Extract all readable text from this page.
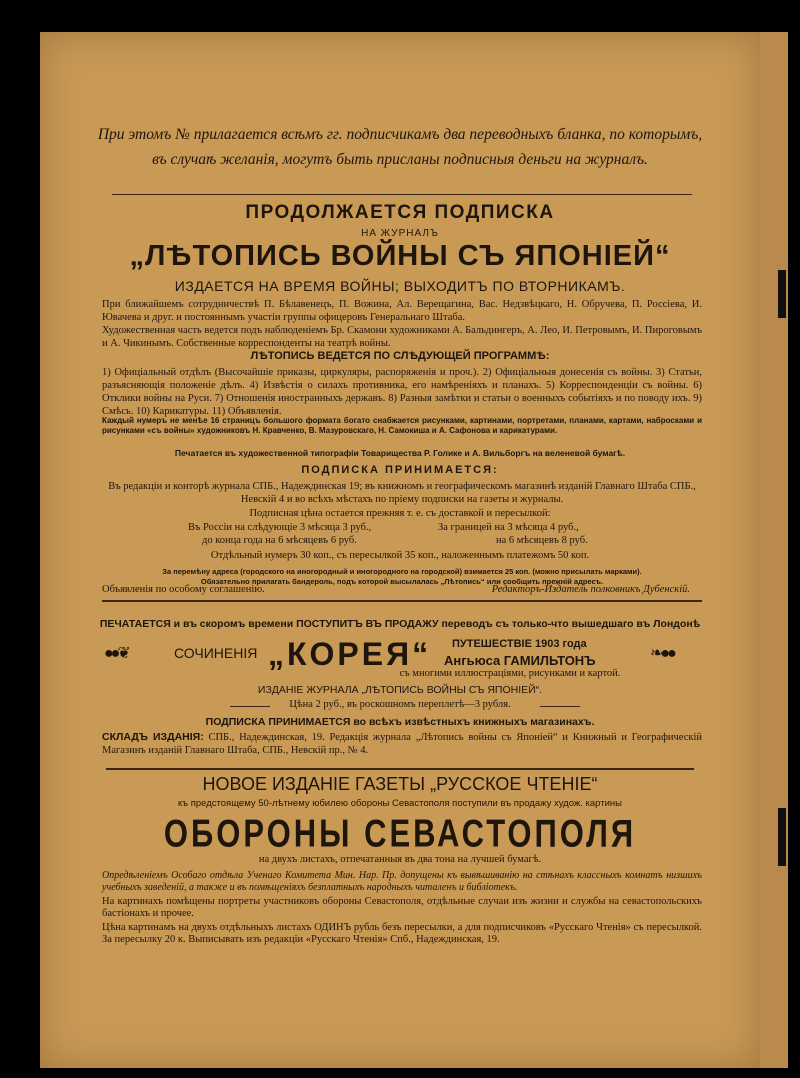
При этомъ № прилагается всѣмъ гг. подписчикамъ два переводныхъ бланка, по которымъ, въ случаѣ желанія, могутъ быть присланы подписныя деньги на журналъ.
ПРОДОЛЖАЕТСЯ ПОДПИСКА
НА ЖУРНАЛЪ
„ЛѢТОПИСЬ ВОЙНЫ СЪ ЯПОНІЕЙ“
ИЗДАЕТСЯ НА ВРЕМЯ ВОЙНЫ; ВЫХОДИТЪ ПО ВТОРНИКАМЪ.
При ближайшемъ сотрудничествѣ П. Бѣлавенецъ, П. Вожина, Ал. Верещагина, Вас. Недзвѣцкаго, Н. Обручева, П. Россіева, И. Ювачева и друг. и постояннымъ участіи группы офицеровъ Генеральнаго Штаба.
Художественная часть ведется подъ наблюденіемъ Бр. Скамони художниками А. Бальдингеръ, А. Лео, И. Петровымъ, И. Пироговымъ и А. Чикинымъ. Собственные корреспонденты на театрѣ войны.
ЛѢТОПИСЬ ВЕДЕТСЯ ПО СЛѢДУЮЩЕЙ ПРОГРАММѢ:
1) Офиціальный отдѣлъ (Высочайшіе приказы, циркуляры, распоряженія и проч.). 2) Офиціальныя донесенія съ войны. 3) Статьи, разъясняющія положеніе дѣлъ. 4) Извѣстія о силахъ противника, его намѣреніяхъ и планахъ. 5) Корреспонденціи съ войны. 6) Отклики войны на Руси. 7) Отношенія иностранныхъ державъ. 8) Разныя замѣтки и статьи о военныхъ событіяхъ и по поводу ихъ. 9) Смѣсь. 10) Карикатуры. 11) Объявленія.
Каждый нумеръ не менѣе 16 страницъ большого формата богато снабжается рисунками, картинами, портретами, планами, картами, набросками и рисунками «съ войны» художниковъ Н. Кравченко, В. Мазуровскаго, Н. Самокиша и А. Сафонова и карикатурами.
Печатается въ художественной типографіи Товарищества Р. Голике и А. Вильборгъ на веленевой бумагѣ.
ПОДПИСКА ПРИНИМАЕТСЯ:
Въ редакціи и конторѣ журнала СПБ., Надеждинская 19; въ книжномъ и географическомъ магазинѣ изданій Главнаго Штаба СПБ., Невскій 4 и во всѣхъ мѣстахъ по пріему подписки на газеты и журналы.
Подписная цѣна остается прежняя т. е. съ доставкой и пересылкой:
Въ Россіи на слѣдующіе 3 мѣсяца 3 руб.,
до конца года на 6 мѣсяцевъ 6 руб.
За границей на 3 мѣсяца 4 руб.,
на 6 мѣсяцевъ 8 руб.
Отдѣльный нумеръ 30 коп., съ пересылкой 35 коп., наложеннымъ платежомъ 50 коп.
За перемѣну адреса (городского на иногородный и иногородного на городской) взимается 25 коп. (можно присылать марками).
Обязательно прилагать бандероль, подъ которой высылалась „Лѣтопись“ или сообщить прежній адресъ.
Объявленія по особому соглашенію.	Редакторъ-Издатель полковникъ Дубенскій.
ПЕЧАТАЕТСЯ и въ скоромъ времени ПОСТУПИТЪ ВЪ ПРОДАЖУ переводъ съ только-что вышедшаго въ Лондонѣ
●●❦	СОЧИНЕНІЯ „КОРЕЯ“ ПУТЕШЕСТВІЕ 1903 года
Ангьюса ГАМИЛЬТОНЪ	❧●●
съ многими иллюстраціями, рисунками и картой.
ИЗДАНІЕ ЖУРНАЛА „ЛѢТОПИСЬ ВОЙНЫ СЪ ЯПОНІЕЙ“.
Цѣна 2 руб., въ роскошномъ переплетѣ—3 рубля.
ПОДПИСКА ПРИНИМАЕТСЯ во всѣхъ извѣстныхъ книжныхъ магазинахъ.
СКЛАДЪ ИЗДАНІЯ: СПБ., Надеждинская, 19. Редакція журнала „Лѣтопись войны съ Японіей“ и Книжный и Географическій Магазинъ изданій Главнаго Штаба, СПБ., Невскій пр., № 4.
НОВОЕ ИЗДАНІЕ ГАЗЕТЫ „РУССКОЕ ЧТЕНІЕ“
къ предстоящему 50-лѣтнему юбилею обороны Севастополя поступили въ продажу худож. картины
ОБОРОНЫ СЕВАСТОПОЛЯ
на двухъ листахъ, отпечатанныя въ два тона на лучшей бумагѣ.
Опредѣленіемъ Особаго отдѣла Ученаго Комитета Мин. Нар. Пр. допущены къ вывѣшиванію на стѣнахъ классныхъ комнатъ низшихъ учебныхъ заведеній, а также и въ помѣщеніяхъ безплатныхъ народныхъ читаленъ и библіотекъ.
На картинахъ помѣщены портреты участниковъ обороны Севастополя, отдѣльные случаи изъ жизни и службы на севастопольскихъ бастіонахъ и прочее.
Цѣна картинамъ на двухъ отдѣльныхъ листахъ ОДИНЪ рубль безъ пересылки, а для подписчиковъ «Русскаго Чтенія» съ пересылкой. За пересылку 20 к. Выписывать изъ редакціи «Русскаго Чтенія» Спб., Надеждинская, 19.
